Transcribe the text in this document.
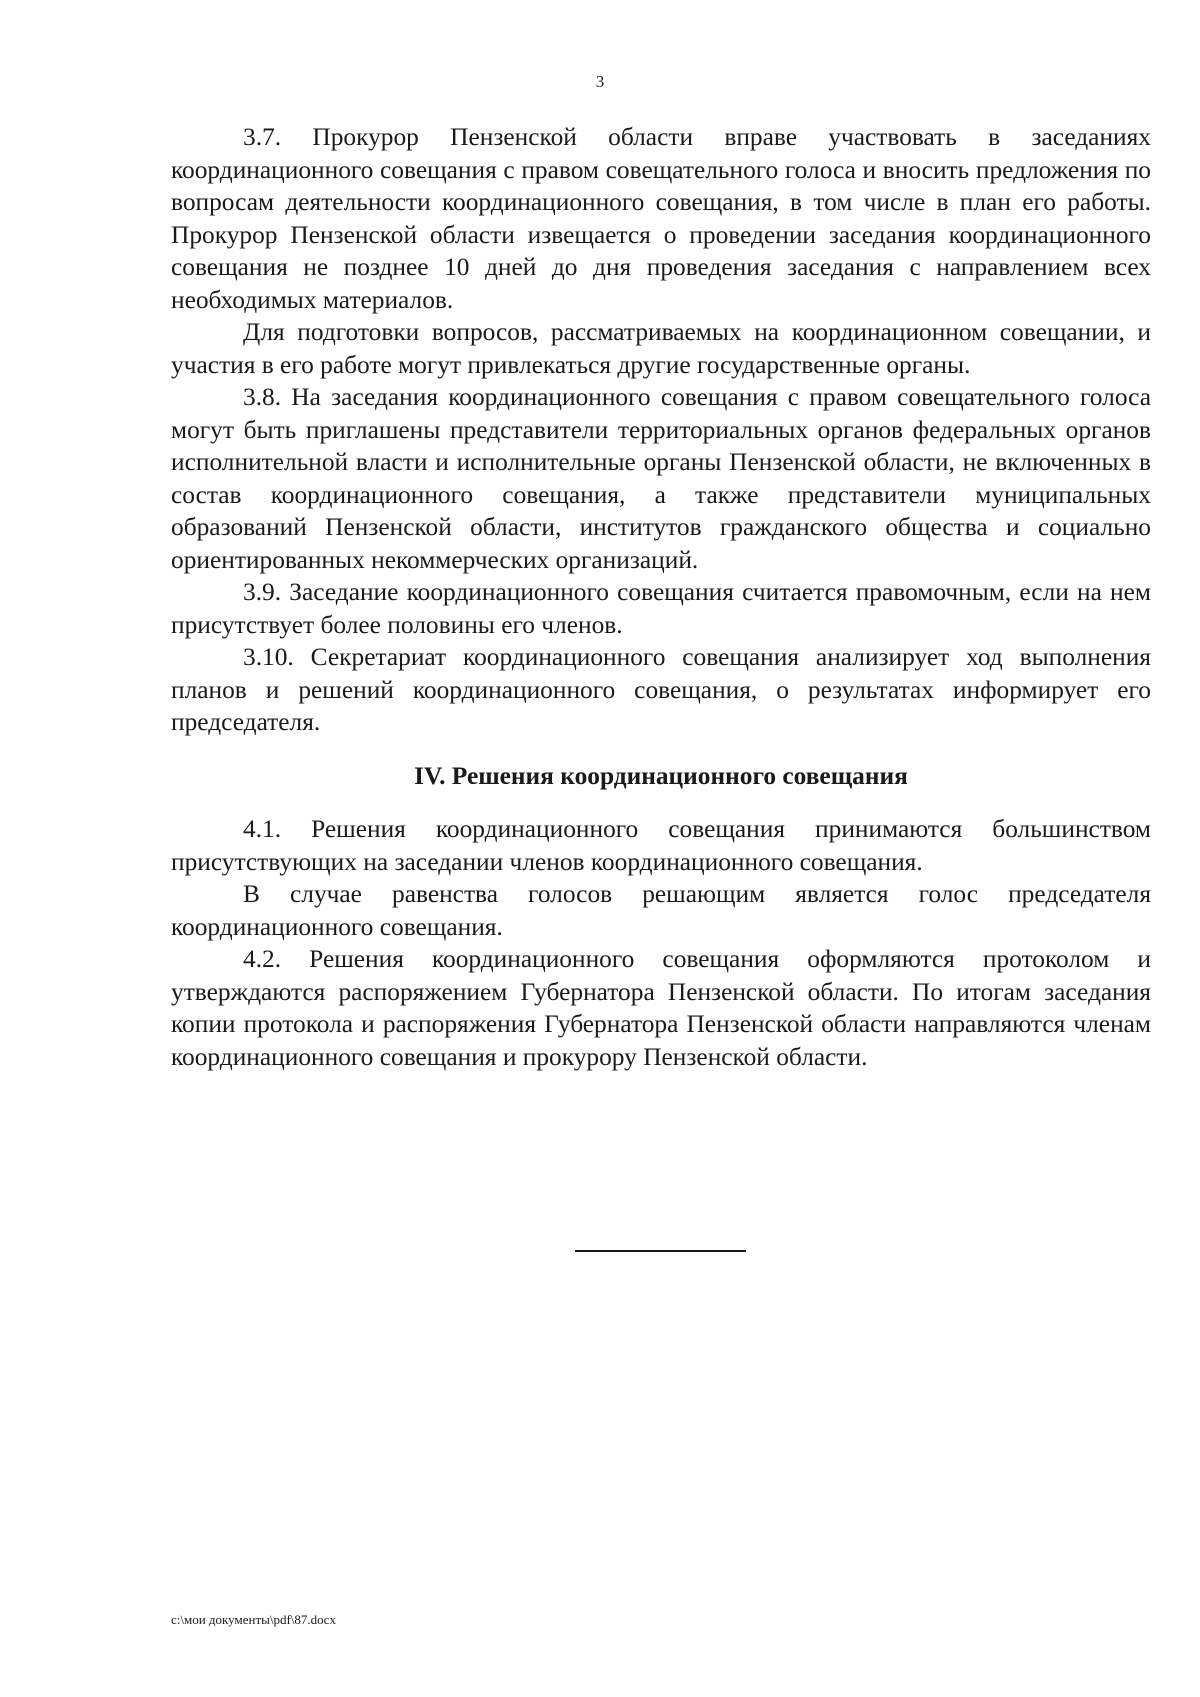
3

3.7. Прокурор Пензенской области вправе участвовать в заседаниях координационного совещания с правом совещательного голоса и вносить предложения по вопросам деятельности координационного совещания, в том числе в план его работы. Прокурор Пензенской области извещается о проведении заседания координационного совещания не позднее 10 дней до дня проведения заседания с направлением всех необходимых материалов.

Для подготовки вопросов, рассматриваемых на координационном совещании, и участия в его работе могут привлекаться другие государственные органы.

3.8. На заседания координационного совещания с правом совещательного голоса могут быть приглашены представители территориальных органов федеральных органов исполнительной власти и исполнительные органы Пензенской области, не включенных в состав координационного совещания, а также представители муниципальных образований Пензенской области, институтов гражданского общества и социально ориентированных некоммерческих организаций.

3.9. Заседание координационного совещания считается правомочным, если на нем присутствует более половины его членов.

3.10. Секретариат координационного совещания анализирует ход выполнения планов и решений координационного совещания, о результатах информирует его председателя.

IV. Решения координационного совещания

4.1. Решения координационного совещания принимаются большинством присутствующих на заседании членов координационного совещания.

В случае равенства голосов решающим является голос председателя координационного совещания.

4.2. Решения координационного совещания оформляются протоколом и утверждаются распоряжением Губернатора Пензенской области. По итогам заседания копии протокола и распоряжения Губернатора Пензенской области направляются членам координационного совещания и прокурору Пензенской области.

c:\мои документы\pdf\87.docx
